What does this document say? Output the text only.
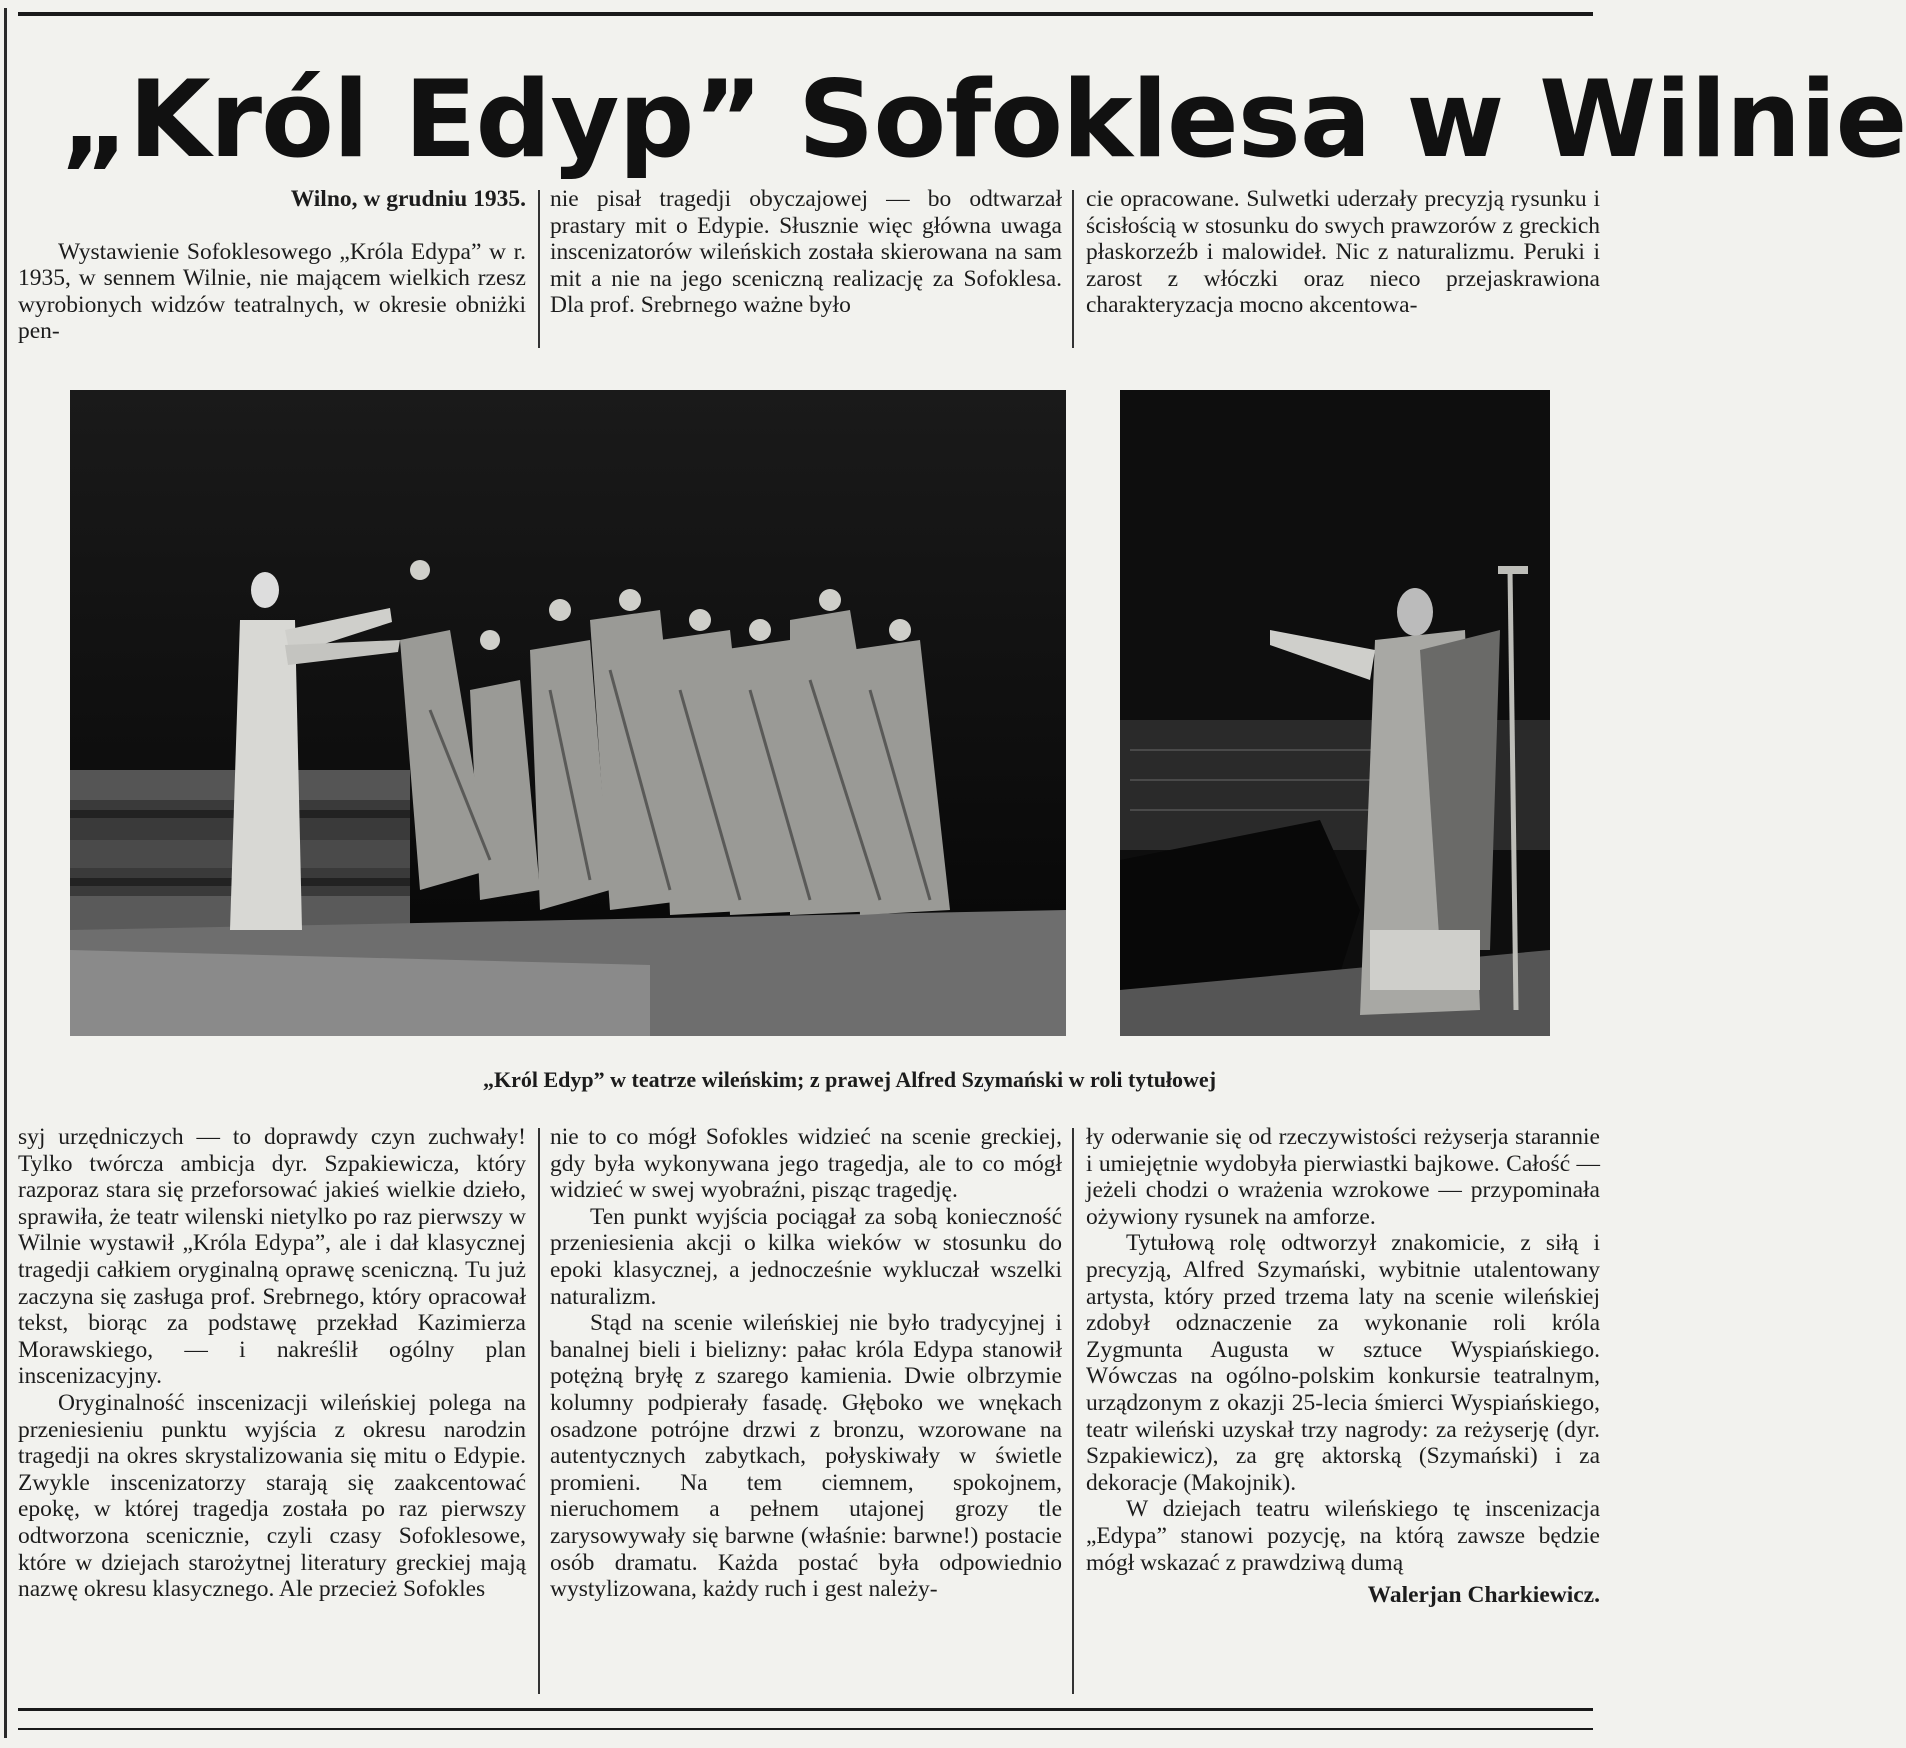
„Król Edyp” Sofoklesa w Wilnie

Wilno, w grudniu 1935.

Wystawienie Sofoklesowego „Króla Edypa” w r. 1935, w sennem Wilnie, nie mającem wielkich rzesz wyrobionych widzów teatralnych, w okresie obniżki pen-

nie pisał tragedji obyczajowej — bo odtwarzał prastary mit o Edypie. Słusznie więc główna uwaga inscenizatorów wileńskich została skierowana na sam mit a nie na jego sceniczną realizację za Sofoklesa. Dla prof. Srebrnego ważne było

cie opracowane. Sulwetki uderzały precyzją rysunku i ścisłością w stosunku do swych prawzorów z greckich płaskorzeźb i malowideł. Nic z naturalizmu. Peruki i zarost z włóczki oraz nieco przejaskrawiona charakteryzacja mocno akcentowa-

„Król Edyp” w teatrze wileńskim; z prawej Alfred Szymański w roli tytułowej

syj urzędniczych — to doprawdy czyn zuchwały! Tylko twórcza ambicja dyr. Szpakiewicza, który razporaz stara się przeforsować jakieś wielkie dzieło, sprawiła, że teatr wilenski nietylko po raz pierwszy w Wilnie wystawił „Króla Edypa”, ale i dał klasycznej tragedji całkiem oryginalną oprawę sceniczną. Tu już zaczyna się zasługa prof. Srebrnego, który opracował tekst, biorąc za podstawę przekład Kazimierza Morawskiego, — i nakreślił ogólny plan inscenizacyjny.

Oryginalność inscenizacji wileńskiej polega na przeniesieniu punktu wyjścia z okresu narodzin tragedji na okres skrystalizowania się mitu o Edypie. Zwykle inscenizatorzy starają się zaakcentować epokę, w której tragedja została po raz pierwszy odtworzona scenicznie, czyli czasy Sofoklesowe, które w dziejach starożytnej literatury greckiej mają nazwę okresu klasycznego. Ale przecież Sofokles

nie to co mógł Sofokles widzieć na scenie greckiej, gdy była wykonywana jego tragedja, ale to co mógł widzieć w swej wyobraźni, pisząc tragedję.

Ten punkt wyjścia pociągał za sobą konieczność przeniesienia akcji o kilka wieków w stosunku do epoki klasycznej, a jednocześnie wykluczał wszelki naturalizm.

Stąd na scenie wileńskiej nie było tradycyjnej i banalnej bieli i bielizny: pałac króla Edypa stanowił potężną bryłę z szarego kamienia. Dwie olbrzymie kolumny podpierały fasadę. Głęboko we wnękach osadzone potrójne drzwi z bronzu, wzorowane na autentycznych zabytkach, połyskiwały w świetle promieni. Na tem ciemnem, spokojnem, nieruchomem a pełnem utajonej grozy tle zarysowywały się barwne (właśnie: barwne!) postacie osób dramatu. Każda postać była odpowiednio wystylizowana, każdy ruch i gest należy-

ły oderwanie się od rzeczywistości reżyserja starannie i umiejętnie wydobyła pierwiastki bajkowe. Całość — jeżeli chodzi o wrażenia wzrokowe — przypominała ożywiony rysunek na amforze.

Tytułową rolę odtworzył znakomicie, z siłą i precyzją, Alfred Szymański, wybitnie utalentowany artysta, który przed trzema laty na scenie wileńskiej zdobył odznaczenie za wykonanie roli króla Zygmunta Augusta w sztuce Wyspiańskiego. Wówczas na ogólno-polskim konkursie teatralnym, urządzonym z okazji 25-lecia śmierci Wyspiańskiego, teatr wileński uzyskał trzy nagrody: za reżyserję (dyr. Szpakiewicz), za grę aktorską (Szymański) i za dekoracje (Makojnik).

W dziejach teatru wileńskiego tę inscenizacja „Edypa” stanowi pozycję, na którą zawsze będzie mógł wskazać z prawdziwą dumą

Walerjan Charkiewicz.
